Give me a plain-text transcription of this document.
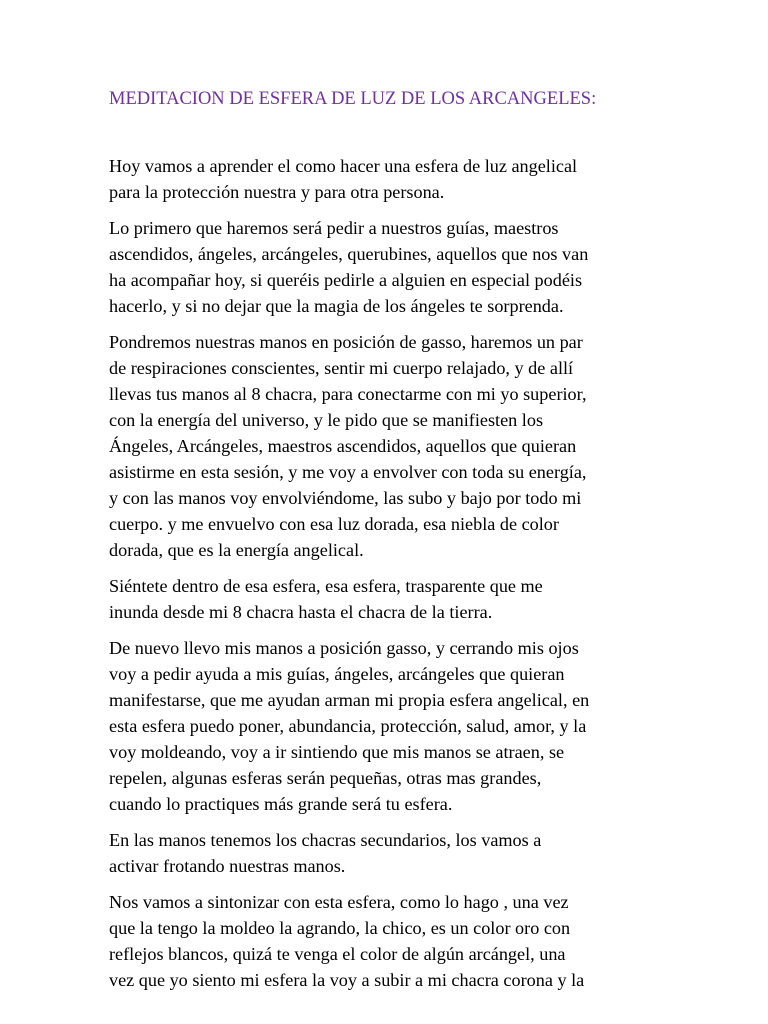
MEDITACION DE ESFERA DE LUZ DE LOS ARCANGELES:

Hoy vamos a aprender el como hacer una esfera de luz angelical
para la protección nuestra y para otra persona.

Lo primero que haremos será pedir a nuestros guías, maestros
ascendidos, ángeles, arcángeles, querubines, aquellos que nos van
ha acompañar hoy, si queréis pedirle a alguien en especial podéis
hacerlo, y si no dejar que la magia de los ángeles te sorprenda.

Pondremos nuestras manos en posición de gasso, haremos un par
de respiraciones conscientes, sentir mi cuerpo relajado, y de allí
llevas tus manos al 8 chacra, para conectarme con mi yo superior,
con la energía del universo, y le pido que se manifiesten los
Ángeles, Arcángeles, maestros ascendidos, aquellos que quieran
asistirme en esta sesión, y me voy a envolver con toda su energía,
y con las manos voy envolviéndome, las subo y bajo por todo mi
cuerpo. y me envuelvo con esa luz dorada, esa niebla de color
dorada, que es la energía angelical.

Siéntete dentro de esa esfera, esa esfera, trasparente que me
inunda desde mi 8 chacra hasta el chacra de la tierra.

De nuevo llevo mis manos a posición gasso, y cerrando mis ojos
voy a pedir ayuda a mis guías, ángeles, arcángeles que quieran
manifestarse, que me ayudan arman mi propia esfera angelical, en
esta esfera puedo poner, abundancia, protección, salud, amor, y la
voy moldeando, voy a ir sintiendo que mis manos se atraen, se
repelen, algunas esferas serán pequeñas, otras mas grandes,
cuando lo practiques más grande será tu esfera.

En las manos tenemos los chacras secundarios, los vamos a
activar frotando nuestras manos.

Nos vamos a sintonizar con esta esfera, como lo hago , una vez
que la tengo la moldeo la agrando, la chico, es un color oro con
reflejos blancos, quizá te venga el color de algún arcángel, una
vez que yo siento mi esfera la voy a subir a mi chacra corona y la
